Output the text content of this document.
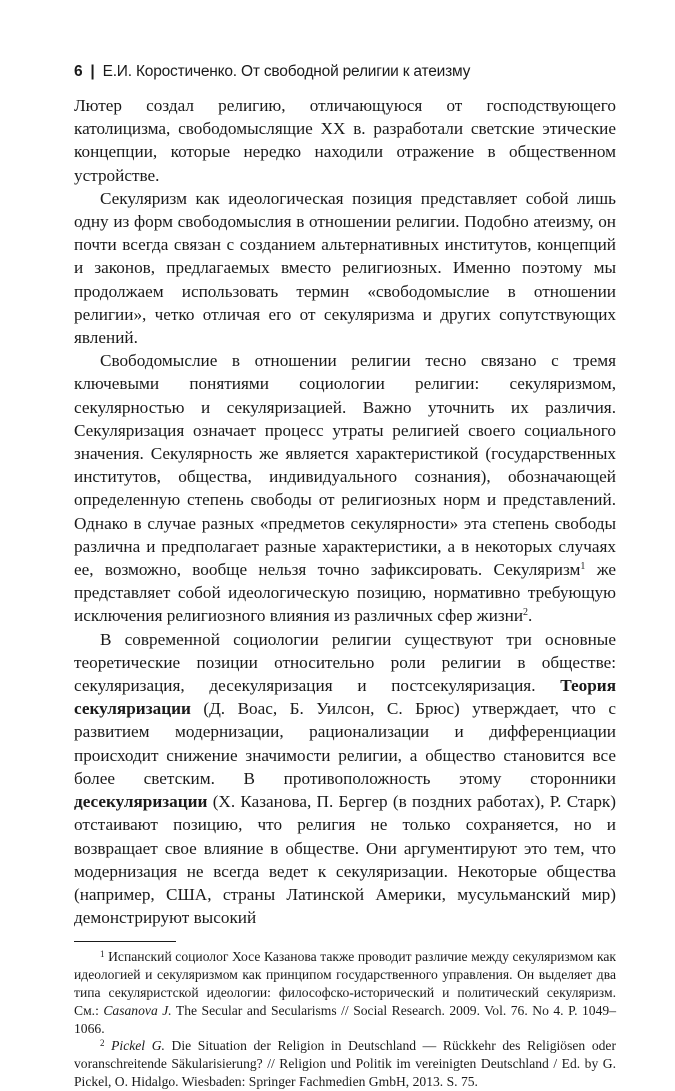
6 | Е.И. Коростиченко. От свободной религии к атеизму

Лютер создал религию, отличающуюся от господствующего католицизма, свободомыслящие XX в. разработали светские этические концепции, которые нередко находили отражение в общественном устройстве.

Секуляризм как идеологическая позиция представляет собой лишь одну из форм свободомыслия в отношении религии. Подобно атеизму, он почти всегда связан с созданием альтернативных институтов, концепций и законов, предлагаемых вместо религиозных. Именно поэтому мы продолжаем использовать термин «свободомыслие в отношении религии», четко отличая его от секуляризма и других сопутствующих явлений.

Свободомыслие в отношении религии тесно связано с тремя ключевыми понятиями социологии религии: секуляризмом, секулярностью и секуляризацией. Важно уточнить их различия. Секуляризация означает процесс утраты религией своего социального значения. Секулярность же является характеристикой (государственных институтов, общества, индивидуального сознания), обозначающей определенную степень свободы от религиозных норм и представлений. Однако в случае разных «предметов секулярности» эта степень свободы различна и предполагает разные характеристики, а в некоторых случаях ее, возможно, вообще нельзя точно зафиксировать. Секуляризм$^1$ же представляет собой идеологическую позицию, нормативно требующую исключения религиозного влияния из различных сфер жизни$^2$.

В современной социологии религии существуют три основные теоретические позиции относительно роли религии в обществе: секуляризация, десекуляризация и постсекуляризация. Теория секуляризации (Д. Воас, Б. Уилсон, С. Брюс) утверждает, что с развитием модернизации, рационализации и дифференциации происходит снижение значимости религии, а общество становится все более светским. В противоположность этому сторонники десекуляризации (Х. Казанова, П. Бергер (в поздних работах), Р. Старк) отстаивают позицию, что религия не только сохраняется, но и возвращает свое влияние в обществе. Они аргументируют это тем, что модернизация не всегда ведет к секуляризации. Некоторые общества (например, США, страны Латинской Америки, мусульманский мир) демонстрируют высокий

$^1$ Испанский социолог Хосе Казанова также проводит различие между секуляризмом как идеологией и секуляризмом как принципом государственного управления. Он выделяет два типа секуляристской идеологии: философско-исторический и политический секуляризм. См.: Casanova J. The Secular and Secularisms // Social Research. 2009. Vol. 76. No 4. P. 1049–1066.

$^2$ Pickel G. Die Situation der Religion in Deutschland — Rückkehr des Religiösen oder voranschreitende Säkularisierung? // Religion und Politik im vereinigten Deutschland / Ed. by G. Pickel, O. Hidalgo. Wiesbaden: Springer Fachmedien GmbH, 2013. S. 75.
